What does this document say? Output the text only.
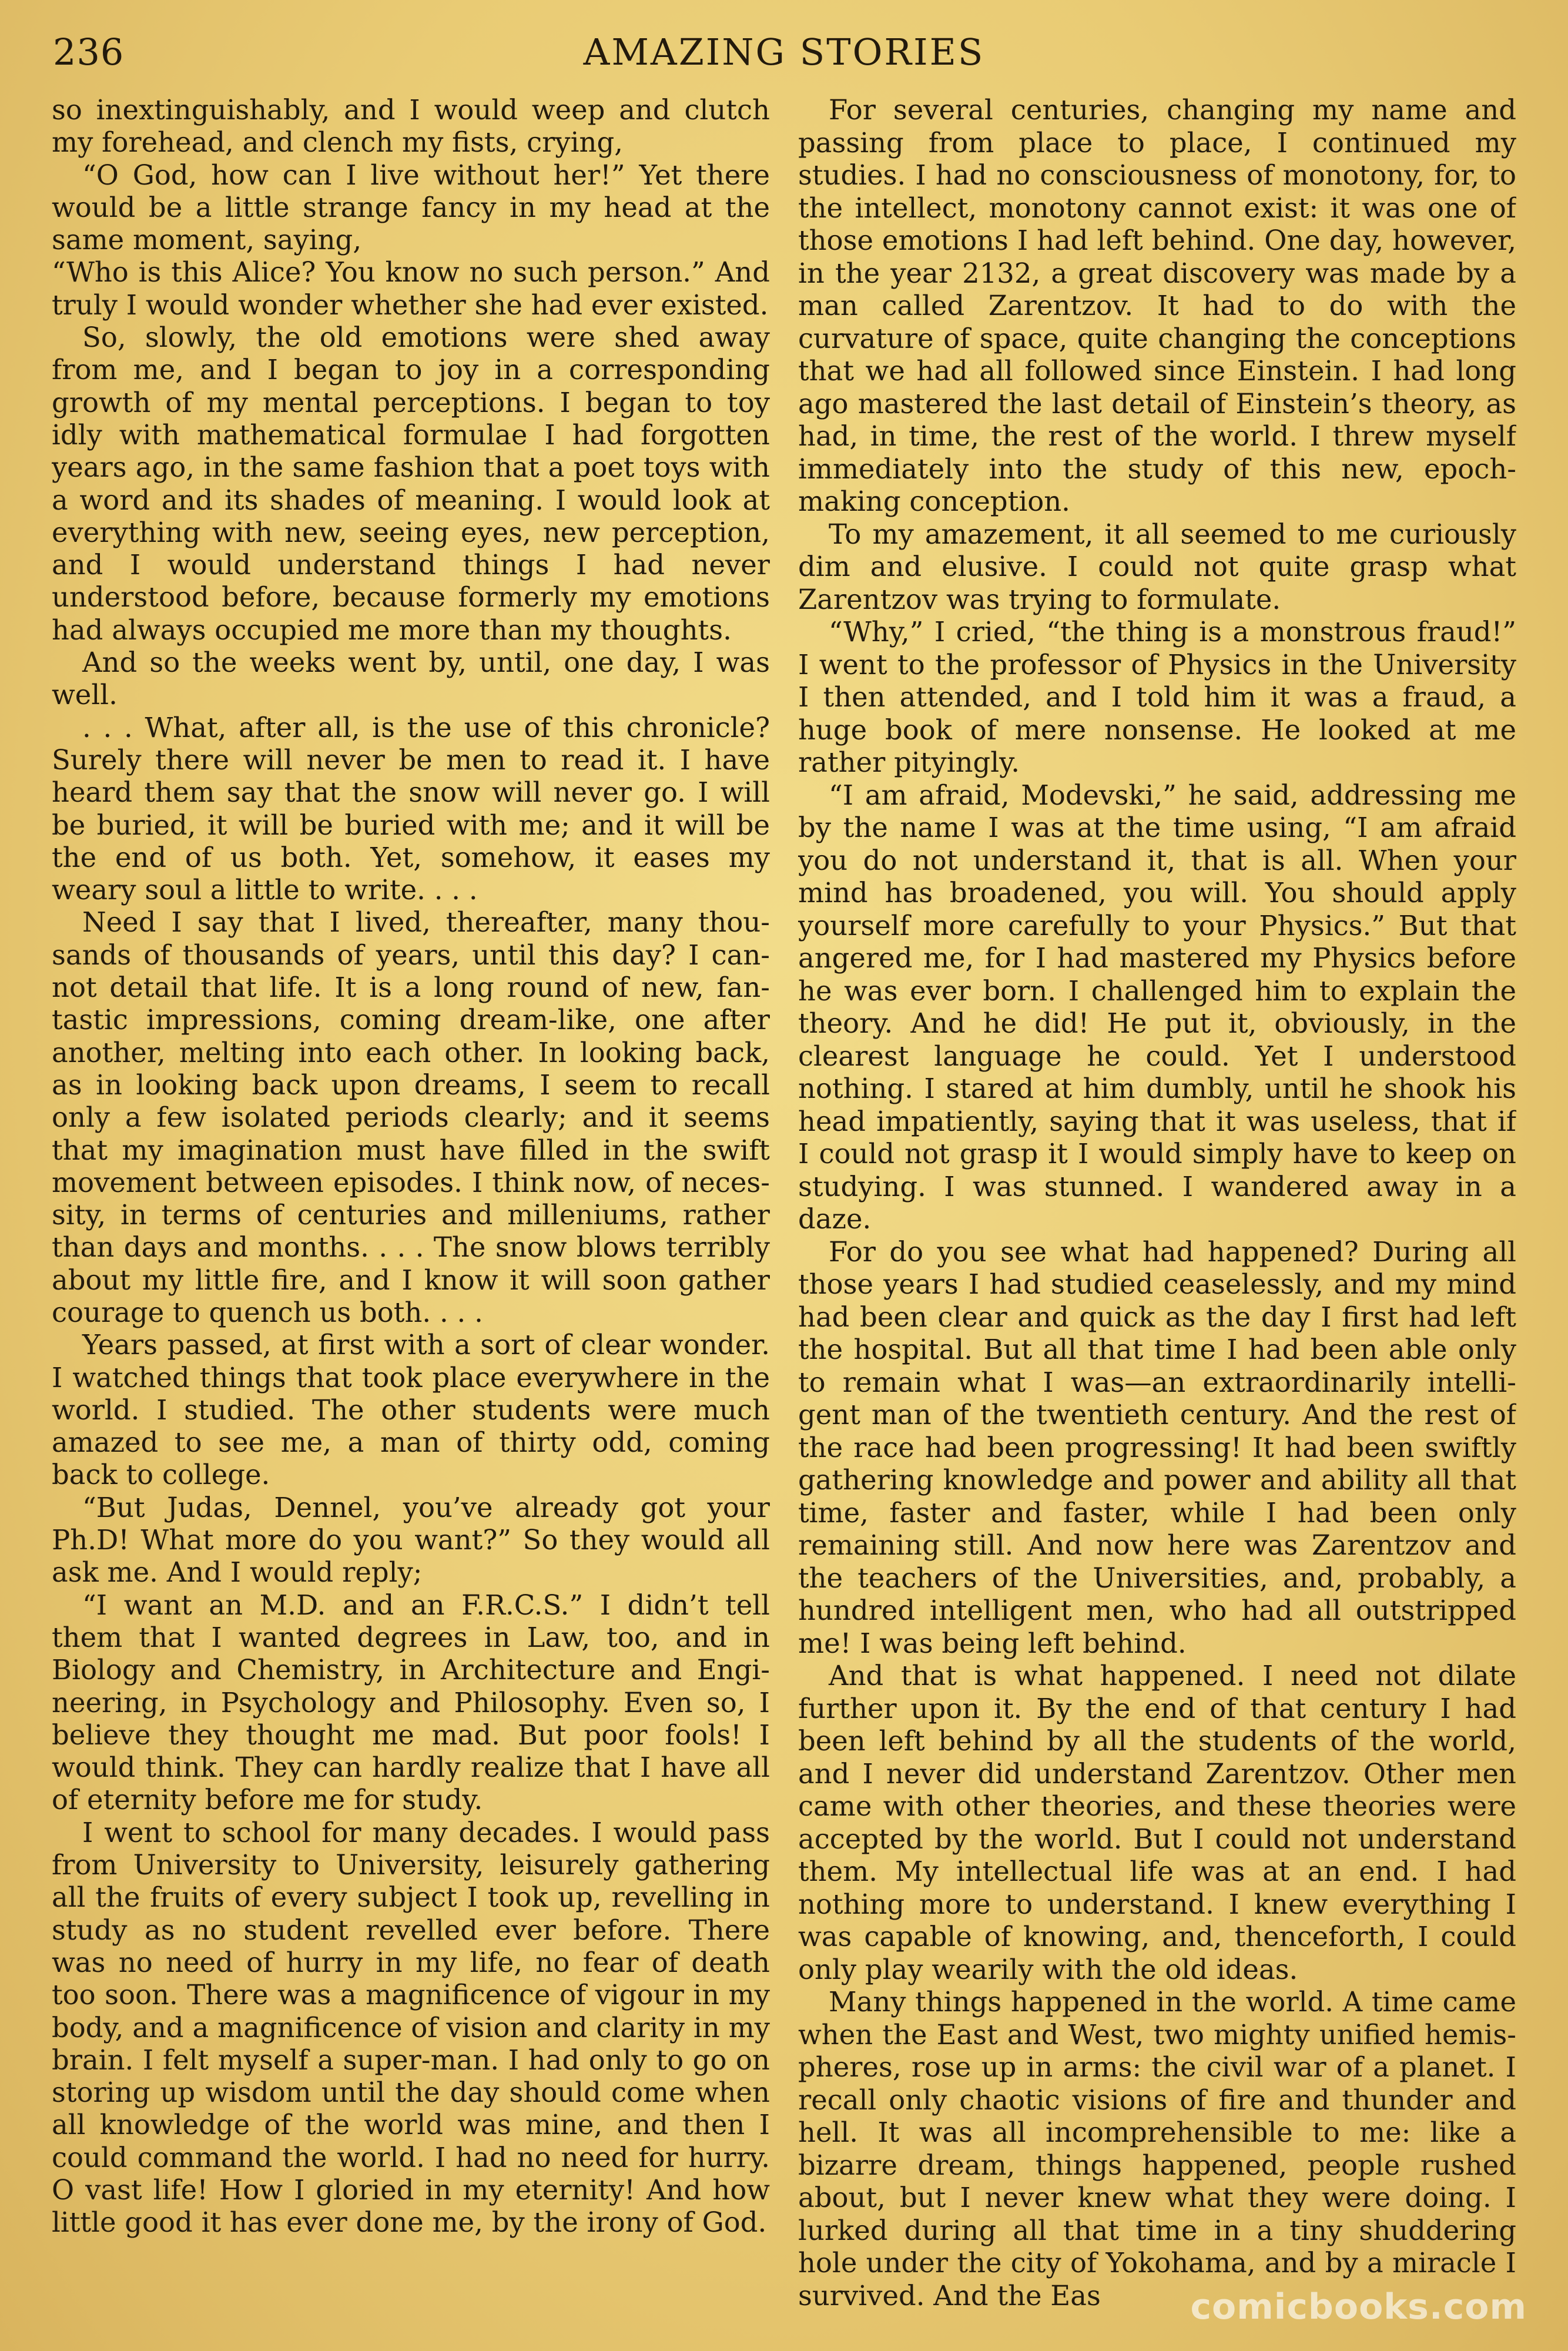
236	AMAZING STORIES

so inextinguishably, and I would weep and clutch my forehead, and clench my fists, crying,

“O God, how can I live without her!” Yet there would be a little strange fancy in my head at the same moment, saying,

“Who is this Alice? You know no such person.” And truly I would wonder whether she had ever existed.

So, slowly, the old emotions were shed away from me, and I began to joy in a corresponding growth of my mental perceptions. I began to toy idly with mathematical formulae I had forgotten years ago, in the same fashion that a poet toys with a word and its shades of meaning. I would look at everything with new, seeing eyes, new perception, and I would understand things I had never understood before, because formerly my emotions had always occupied me more than my thoughts.

And so the weeks went by, until, one day, I was well.

. . . What, after all, is the use of this chronicle? Surely there will never be men to read it. I have heard them say that the snow will never go. I will be buried, it will be buried with me; and it will be the end of us both. Yet, somehow, it eases my weary soul a little to write. . . .

Need I say that I lived, thereafter, many thousands of thousands of years, until this day? I cannot detail that life. It is a long round of new, fantastic impressions, coming dream-like, one after another, melting into each other. In looking back, as in looking back upon dreams, I seem to recall only a few isolated periods clearly; and it seems that my imagination must have filled in the swift movement between episodes. I think now, of necessity, in terms of centuries and milleniums, rather than days and months. . . . The snow blows terribly about my little fire, and I know it will soon gather courage to quench us both. . . .

Years passed, at first with a sort of clear wonder. I watched things that took place everywhere in the world. I studied. The other students were much amazed to see me, a man of thirty odd, coming back to college.

“But Judas, Dennel, you’ve already got your Ph.D! What more do you want?” So they would all ask me. And I would reply;

“I want an M.D. and an F.R.C.S.” I didn’t tell them that I wanted degrees in Law, too, and in Biology and Chemistry, in Architecture and Engineering, in Psychology and Philosophy. Even so, I believe they thought me mad. But poor fools! I would think. They can hardly realize that I have all of eternity before me for study.

I went to school for many decades. I would pass from University to University, leisurely gathering all the fruits of every subject I took up, revelling in study as no student revelled ever before. There was no need of hurry in my life, no fear of death too soon. There was a magnificence of vigour in my body, and a magnificence of vision and clarity in my brain. I felt myself a super-man. I had only to go on storing up wisdom until the day should come when all knowledge of the world was mine, and then I could command the world. I had no need for hurry. O vast life! How I gloried in my eternity! And how little good it has ever done me, by the irony of God.

For several centuries, changing my name and passing from place to place, I continued my studies. I had no consciousness of monotony, for, to the intellect, monotony cannot exist: it was one of those emotions I had left behind. One day, however, in the year 2132, a great discovery was made by a man called Zarentzov. It had to do with the curvature of space, quite changing the conceptions that we had all followed since Einstein. I had long ago mastered the last detail of Einstein’s theory, as had, in time, the rest of the world. I threw myself immediately into the study of this new, epoch-making conception.

To my amazement, it all seemed to me curiously dim and elusive. I could not quite grasp what Zarentzov was trying to formulate.

“Why,” I cried, “the thing is a monstrous fraud!” I went to the professor of Physics in the University I then attended, and I told him it was a fraud, a huge book of mere nonsense. He looked at me rather pityingly.

“I am afraid, Modevski,” he said, addressing me by the name I was at the time using, “I am afraid you do not understand it, that is all. When your mind has broadened, you will. You should apply yourself more carefully to your Physics.” But that angered me, for I had mastered my Physics before he was ever born. I challenged him to explain the theory. And he did! He put it, obviously, in the clearest language he could. Yet I understood nothing. I stared at him dumbly, until he shook his head impatiently, saying that it was useless, that if I could not grasp it I would simply have to keep on studying. I was stunned. I wandered away in a daze.

For do you see what had happened? During all those years I had studied ceaselessly, and my mind had been clear and quick as the day I first had left the hospital. But all that time I had been able only to remain what I was—an extraordinarily intelligent man of the twentieth century. And the rest of the race had been progressing! It had been swiftly gathering knowledge and power and ability all that time, faster and faster, while I had been only remaining still. And now here was Zarentzov and the teachers of the Universities, and, probably, a hundred intelligent men, who had all outstripped me! I was being left behind.

And that is what happened. I need not dilate further upon it. By the end of that century I had been left behind by all the students of the world, and I never did understand Zarentzov. Other men came with other theories, and these theories were accepted by the world. But I could not understand them. My intellectual life was at an end. I had nothing more to understand. I knew everything I was capable of knowing, and, thenceforth, I could only play wearily with the old ideas.

Many things happened in the world. A time came when the East and West, two mighty unified hemispheres, rose up in arms: the civil war of a planet. I recall only chaotic visions of fire and thunder and hell. It was all incomprehensible to me: like a bizarre dream, things happened, people rushed about, but I never knew what they were doing. I lurked during all that time in a tiny shuddering hole under the city of Yokohama, and by a miracle I survived. And the Eas	comicbooks.com
